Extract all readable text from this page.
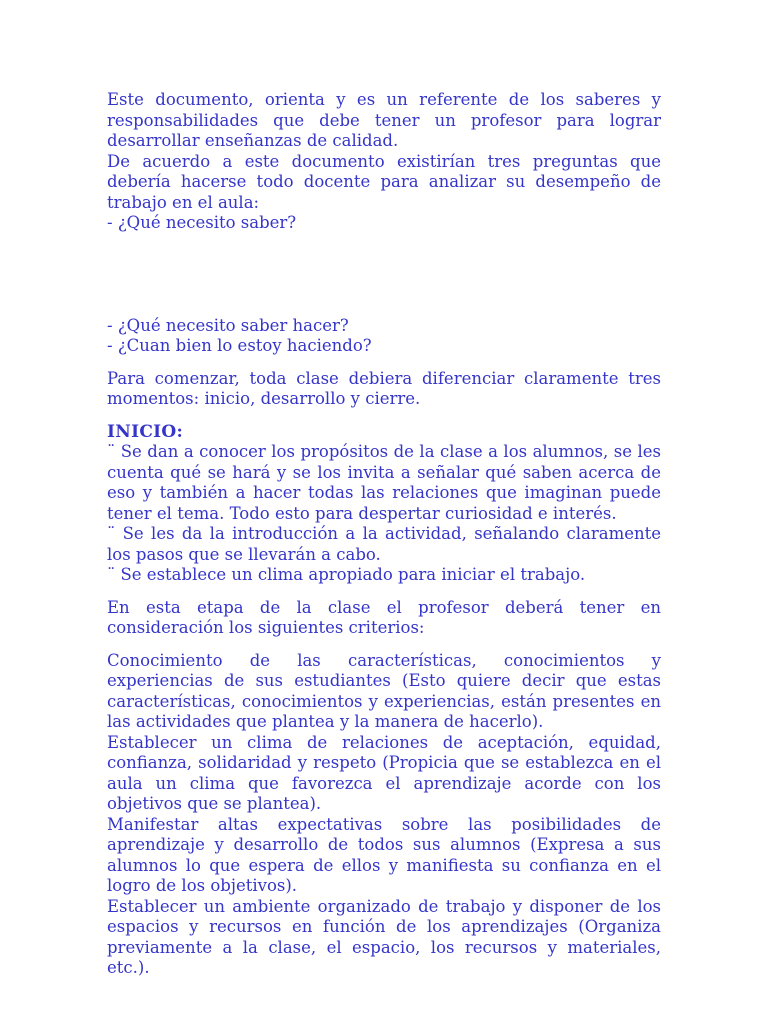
Este documento, orienta y es un referente de los saberes y responsabilidades que debe tener un profesor para lograr desarrollar enseñanzas de calidad.

De acuerdo a este documento existirían tres preguntas que debería hacerse todo docente para analizar su desempeño de trabajo en el aula:

- ¿Qué necesito saber?

- ¿Qué necesito saber hacer?

- ¿Cuan bien lo estoy haciendo?

Para comenzar, toda clase debiera diferenciar claramente tres momentos: inicio, desarrollo y cierre.

INICIO:

¨ Se dan a conocer los propósitos de la clase a los alumnos, se les cuenta qué se hará y se los invita a señalar qué saben acerca de eso y también a hacer todas las relaciones que imaginan puede tener el tema. Todo esto para despertar curiosidad e interés.

¨ Se les da la introducción a la actividad, señalando claramente los pasos que se llevarán a cabo.

¨ Se establece un clima apropiado para iniciar el trabajo.

En esta etapa de la clase el profesor deberá tener en consideración los siguientes criterios:

Conocimiento de las características, conocimientos y experiencias de sus estudiantes (Esto quiere decir que estas características, conocimientos y experiencias, están presentes en las actividades que plantea y la manera de hacerlo).

Establecer un clima de relaciones de aceptación, equidad, confianza, solidaridad y respeto (Propicia que se establezca en el aula un clima que favorezca el aprendizaje acorde con los objetivos que se plantea).

Manifestar altas expectativas sobre las posibilidades de aprendizaje y desarrollo de todos sus alumnos (Expresa a sus alumnos lo que espera de ellos y manifiesta su confianza en el logro de los objetivos).

Establecer un ambiente organizado de trabajo y disponer de los espacios y recursos en función de los aprendizajes (Organiza previamente a la clase, el espacio, los recursos y materiales, etc.).
